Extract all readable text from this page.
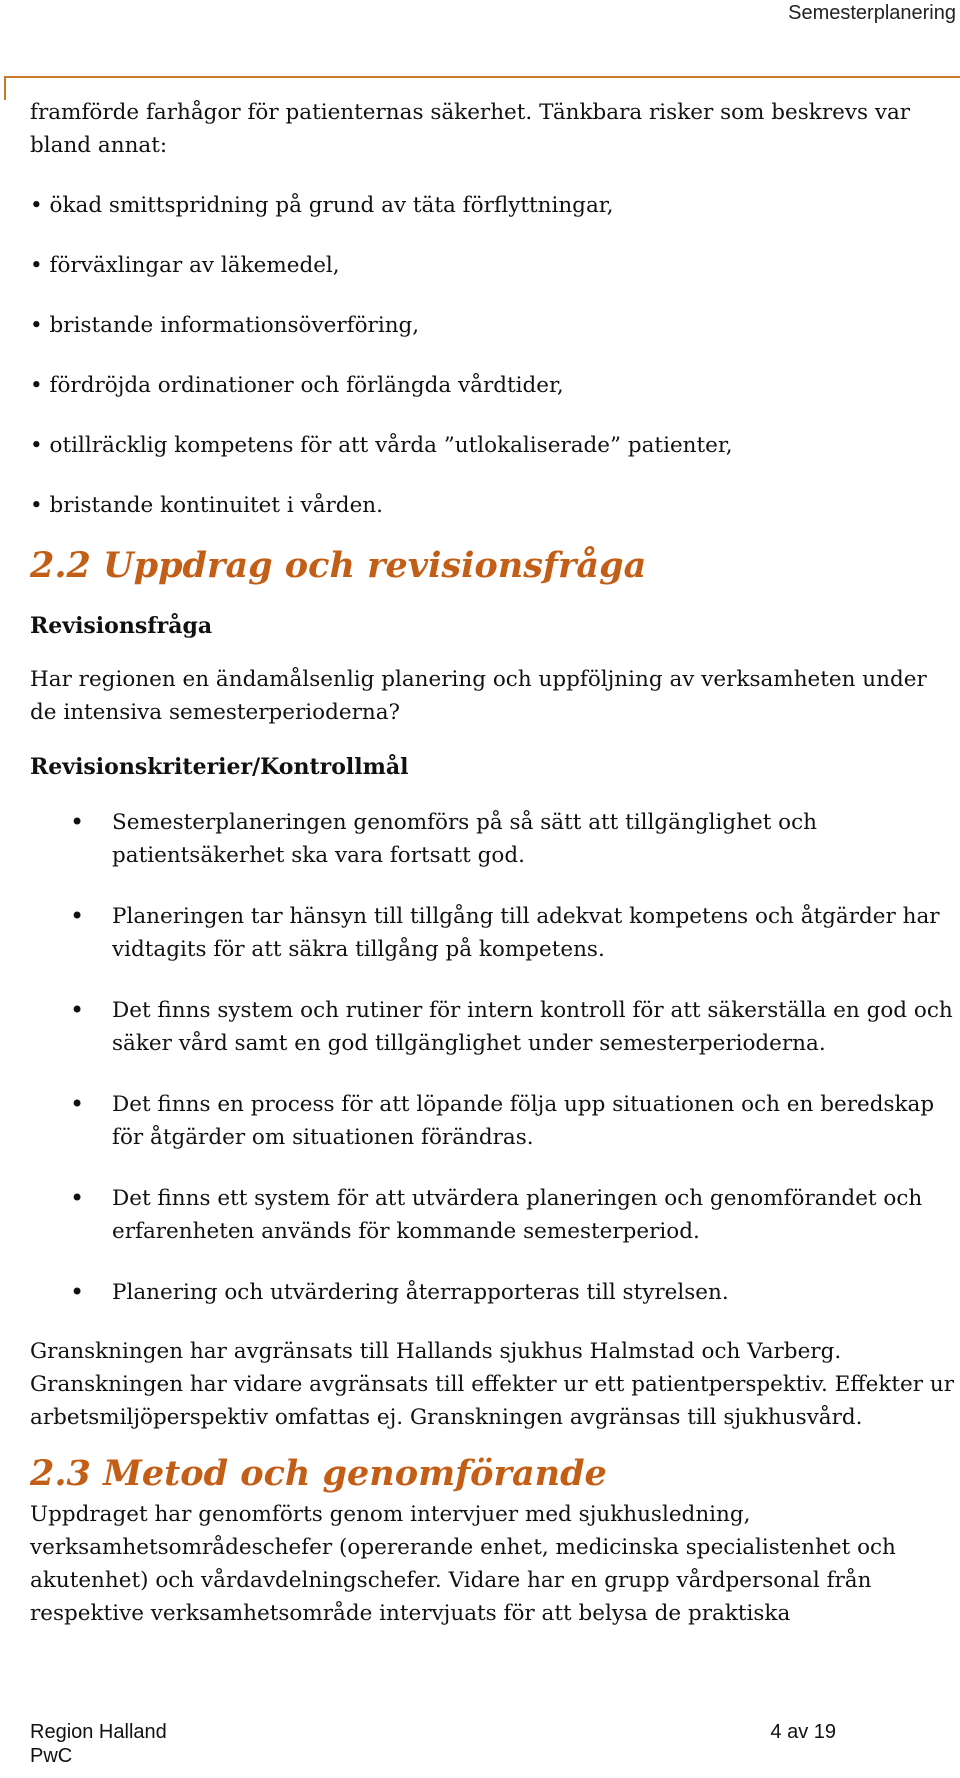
Semesterplanering

framförde farhågor för patienternas säkerhet. Tänkbara risker som beskrevs var bland annat:

• ökad smittspridning på grund av täta förflyttningar,
• förväxlingar av läkemedel,
• bristande informationsöverföring,
• fördröjda ordinationer och förlängda vårdtider,
• otillräcklig kompetens för att vårda ”utlokaliserade” patienter,
• bristande kontinuitet i vården.
2.2 Uppdrag och revisionsfråga
Revisionsfråga

Har regionen en ändamålsenlig planering och uppföljning av verksamheten under de intensiva semesterperioderna?

Revisionskriterier/Kontrollmål
• Semesterplaneringen genomförs på så sätt att tillgänglighet och patientsäkerhet ska vara fortsatt god.
• Planeringen tar hänsyn till tillgång till adekvat kompetens och åtgärder har vidtagits för att säkra tillgång på kompetens.
• Det finns system och rutiner för intern kontroll för att säkerställa en god och säker vård samt en god tillgänglighet under semesterperioderna.
• Det finns en process för att löpande följa upp situationen och en beredskap för åtgärder om situationen förändras.
• Det finns ett system för att utvärdera planeringen och genomförandet och erfarenheten används för kommande semesterperiod.
• Planering och utvärdering återrapporteras till styrelsen.

Granskningen har avgränsats till Hallands sjukhus Halmstad och Varberg. Granskningen har vidare avgränsats till effekter ur ett patientperspektiv. Effekter ur arbetsmiljöperspektiv omfattas ej. Granskningen avgränsas till sjukhusvård.

2.3 Metod och genomförande

Uppdraget har genomförts genom intervjuer med sjukhusledning, verksamhetsområdeschefer (opererande enhet, medicinska specialistenhet och akutenhet) och vårdavdelningschefer. Vidare har en grupp vårdpersonal från respektive verksamhetsområde intervjuats för att belysa de praktiska

Region Halland
PwC
4 av 19
